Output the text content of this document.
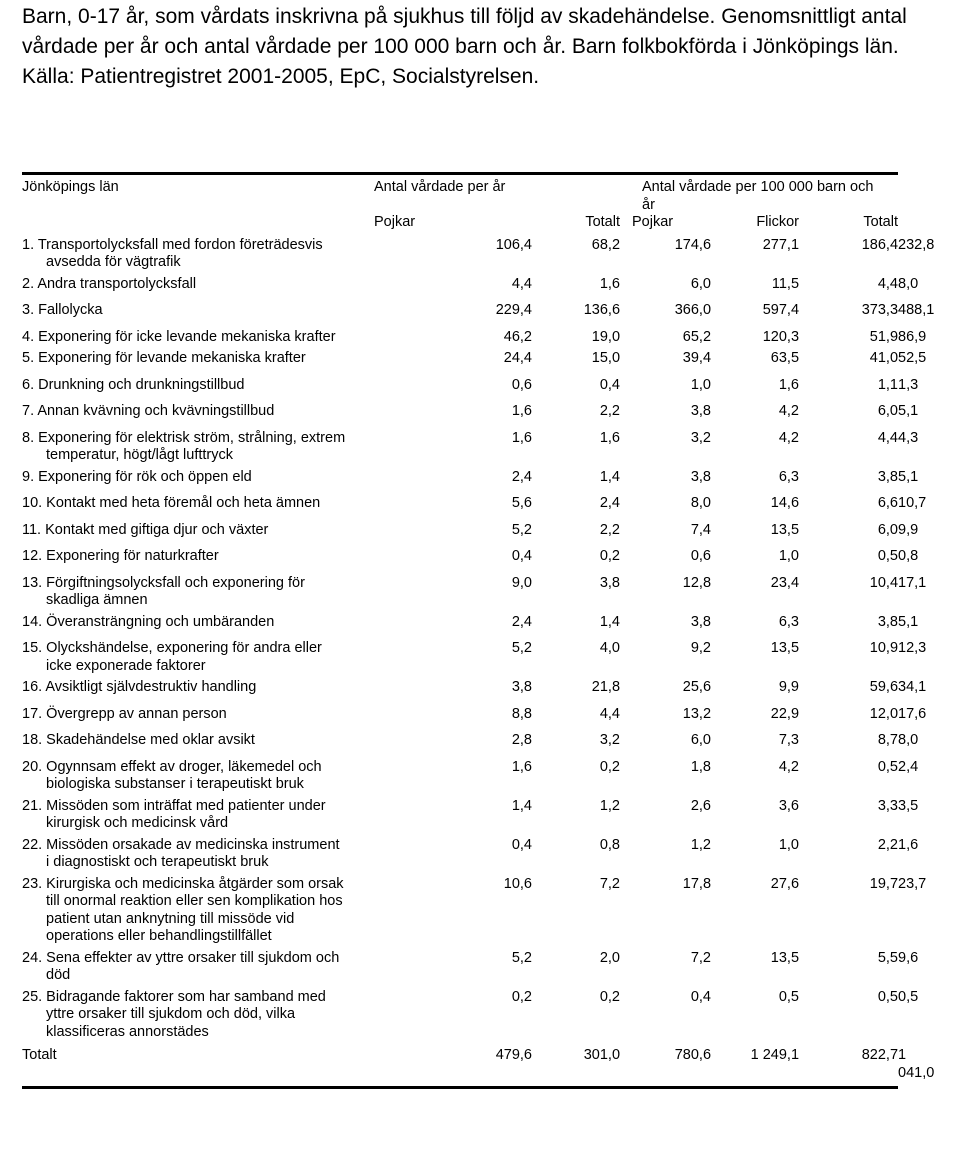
Barn, 0-17 år, som vårdats inskrivna på sjukhus till följd av skadehändelse. Genomsnittligt antal vårdade per år och antal vårdade per 100 000 barn och år. Barn folkbokförda i Jönköpings län. Källa: Patientregistret 2001-2005, EpC, Socialstyrelsen.
Jönköpings län	Antal vårdade per år		Antal vårdade per 100 000 barn och år			
	Pojkar	Totalt	Pojkar	Flickor	Totalt	
1. Transportolycksfall med fordon företrädesvis avsedda för vägtrafik	106,4	68,2	174,6	277,1	186,4	232,8
2. Andra transportolycksfall	4,4	1,6	6,0	11,5	4,4	8,0
3. Fallolycka	229,4	136,6	366,0	597,4	373,3	488,1
4. Exponering för icke levande mekaniska krafter	46,2	19,0	65,2	120,3	51,9	86,9
5. Exponering för levande mekaniska krafter	24,4	15,0	39,4	63,5	41,0	52,5
6. Drunkning och drunkningstillbud	0,6	0,4	1,0	1,6	1,1	1,3
7. Annan kvävning och kvävningstillbud	1,6	2,2	3,8	4,2	6,0	5,1
8. Exponering för elektrisk ström, strålning, extrem temperatur, högt/lågt lufttryck	1,6	1,6	3,2	4,2	4,4	4,3
9. Exponering för rök och öppen eld	2,4	1,4	3,8	6,3	3,8	5,1
10. Kontakt med heta föremål och heta ämnen	5,6	2,4	8,0	14,6	6,6	10,7
11. Kontakt med giftiga djur och växter	5,2	2,2	7,4	13,5	6,0	9,9
12. Exponering för naturkrafter	0,4	0,2	0,6	1,0	0,5	0,8
13. Förgiftningsolycksfall och exponering för skadliga ämnen	9,0	3,8	12,8	23,4	10,4	17,1
14. Överansträngning och umbäranden	2,4	1,4	3,8	6,3	3,8	5,1
15. Olyckshändelse, exponering för andra eller icke exponerade faktorer	5,2	4,0	9,2	13,5	10,9	12,3
16. Avsiktligt självdestruktiv handling	3,8	21,8	25,6	9,9	59,6	34,1
17. Övergrepp av annan person	8,8	4,4	13,2	22,9	12,0	17,6
18. Skadehändelse med oklar avsikt	2,8	3,2	6,0	7,3	8,7	8,0
20. Ogynnsam effekt av droger, läkemedel och biologiska substanser i terapeutiskt bruk	1,6	0,2	1,8	4,2	0,5	2,4
21. Missöden som inträffat med patienter under kirurgisk och medicinsk vård	1,4	1,2	2,6	3,6	3,3	3,5
22. Missöden orsakade av medicinska instrument i diagnostiskt och terapeutiskt bruk	0,4	0,8	1,2	1,0	2,2	1,6
23. Kirurgiska och medicinska åtgärder som orsak till onormal reaktion eller sen komplikation hos patient utan anknytning till missöde vid operations eller behandlingstillfället	10,6	7,2	17,8	27,6	19,7	23,7
24. Sena effekter av yttre orsaker till sjukdom och död	5,2	2,0	7,2	13,5	5,5	9,6
25. Bidragande faktorer som har samband med yttre orsaker till sjukdom och död, vilka klassificeras annorstädes	0,2	0,2	0,4	0,5	0,5	0,5
Totalt	479,6	301,0	780,6	1 249,1	822,7	1 041,0
